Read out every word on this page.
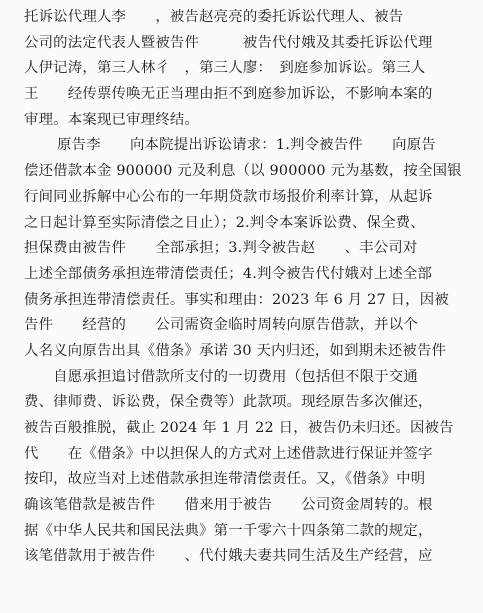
托诉讼代理人李　　，被告赵亮亮的委托诉讼代理人、被告
公司的法定代表人暨被告件　　　被告代付娥及其委托诉讼代理
人伊记涛，第三人林彳　，第三人廖：　到庭参加诉讼。第三人
王　　经传票传唤无正当理由拒不到庭参加诉讼，不影响本案的
审理。本案现已审理终结。
原告李　　向本院提出诉讼请求：1.判令被告件　　向原告
偿还借款本金 900000 元及利息（以 900000 元为基数，按全国银
行间同业拆解中心公布的一年期贷款市场报价利率计算，从起诉
之日起计算至实际清偿之日止）；2.判令本案诉讼费、保全费、
担保费由被告件　　全部承担；3.判令被告赵　　、丰公司对
上述全部债务承担连带清偿责任；4.判令被告代付娥对上述全部
债务承担连带清偿责任。事实和理由：2023 年 6 月 27 日，因被
告件　　经营的　　公司需资金临时周转向原告借款，并以个
人名义向原告出具《借条》承诺 30 天内归还，如到期未还被告件
　　自愿承担追讨借款所支付的一切费用（包括但不限于交通
费、律师费、诉讼费，保全费等）此款项。现经原告多次催还，
被告百般推脱，截止 2024 年 1 月 22 日，被告仍未归还。因被告
代　　在《借条》中以担保人的方式对上述借款进行保证并签字
按印，故应当对上述借款承担连带清偿责任。又，《借条》中明
确该笔借款是被告件　　借来用于被告　　公司资金周转的。根
据《中华人民共和国民法典》第一千零六十四条第二款的规定，
该笔借款用于被告件　　、代付娥夫妻共同生活及生产经营，应
